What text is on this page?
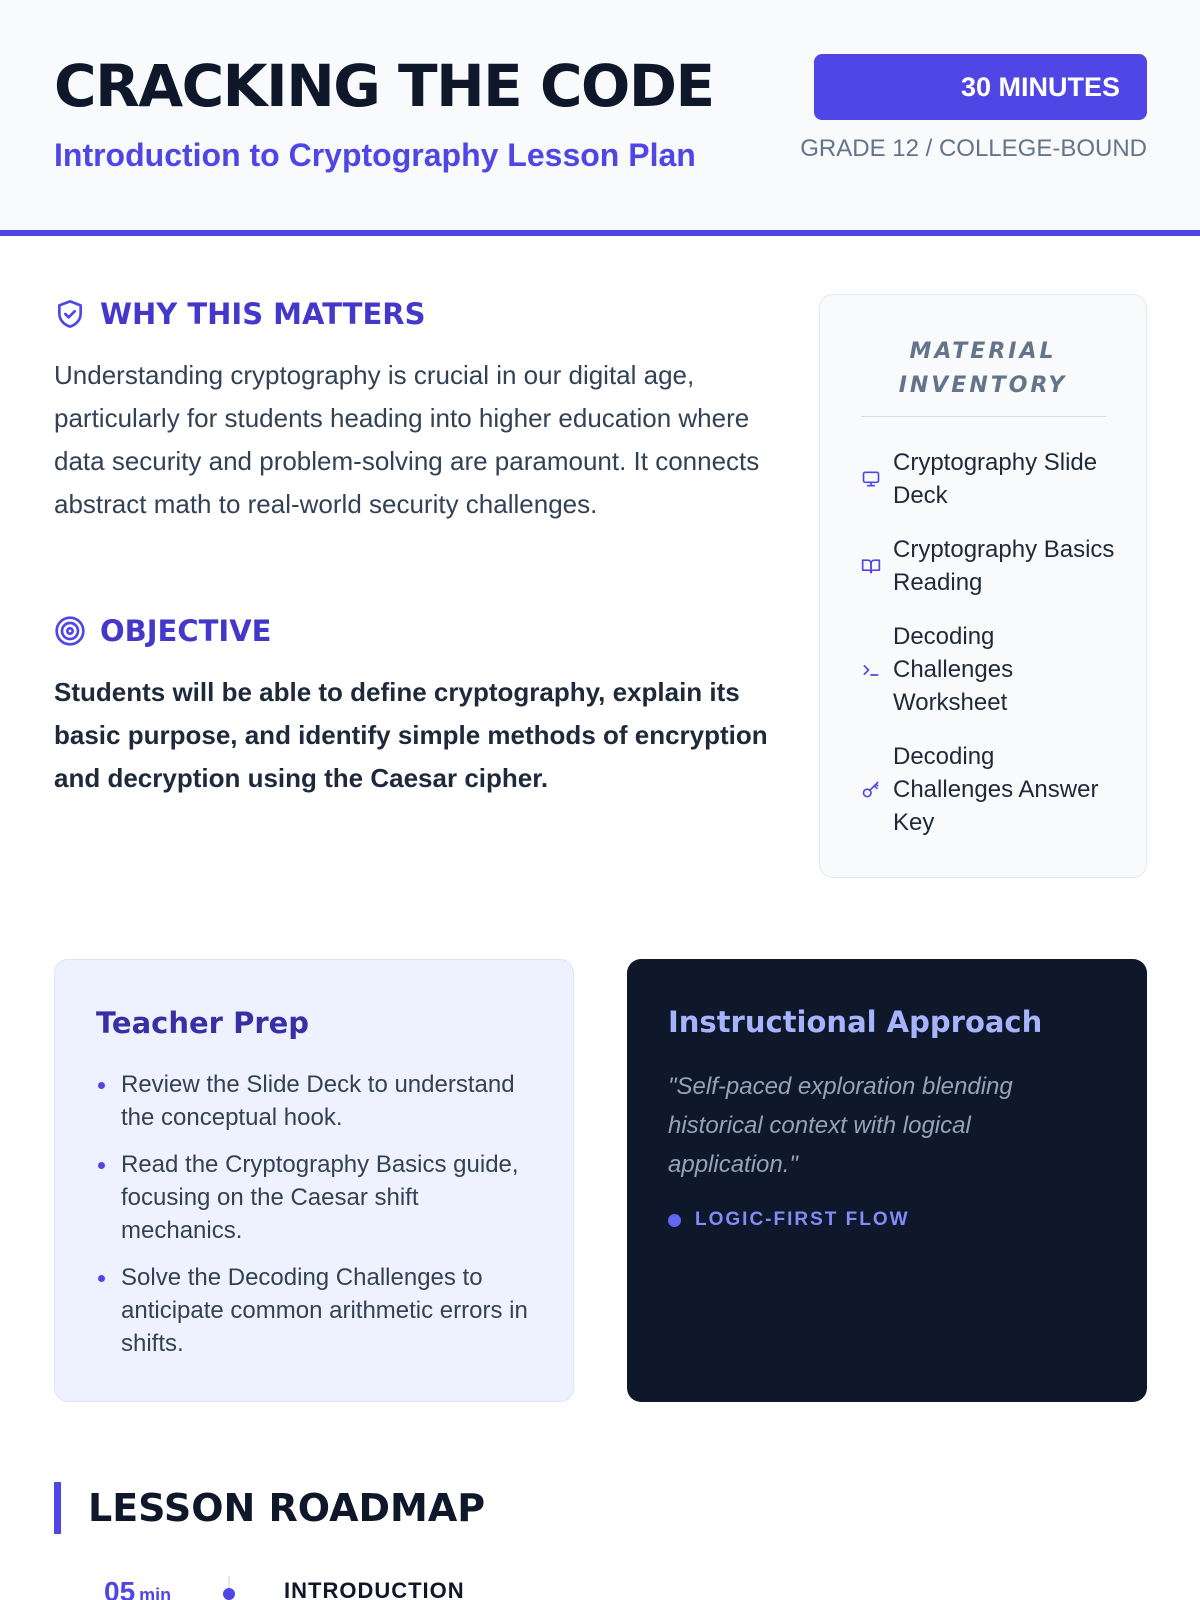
CRACKING THE CODE
Introduction to Cryptography Lesson Plan
30 MINUTES
GRADE 12 / COLLEGE-BOUND
WHY THIS MATTERS
Understanding cryptography is crucial in our digital age, particularly for students heading into higher education where data security and problem-solving are paramount. It connects abstract math to real-world security challenges.
OBJECTIVE
Students will be able to define cryptography, explain its basic purpose, and identify simple methods of encryption and decryption using the Caesar cipher.
MATERIAL INVENTORY
Cryptography Slide Deck
Cryptography Basics Reading
Decoding Challenges Worksheet
Decoding Challenges Answer Key
Teacher Prep
Review the Slide Deck to understand the conceptual hook.
Read the Cryptography Basics guide, focusing on the Caesar shift mechanics.
Solve the Decoding Challenges to anticipate common arithmetic errors in shifts.
Instructional Approach
"Self-paced exploration blending historical context with logical application."
LOGIC-FIRST FLOW
LESSON ROADMAP
05 min	INTRODUCTION
